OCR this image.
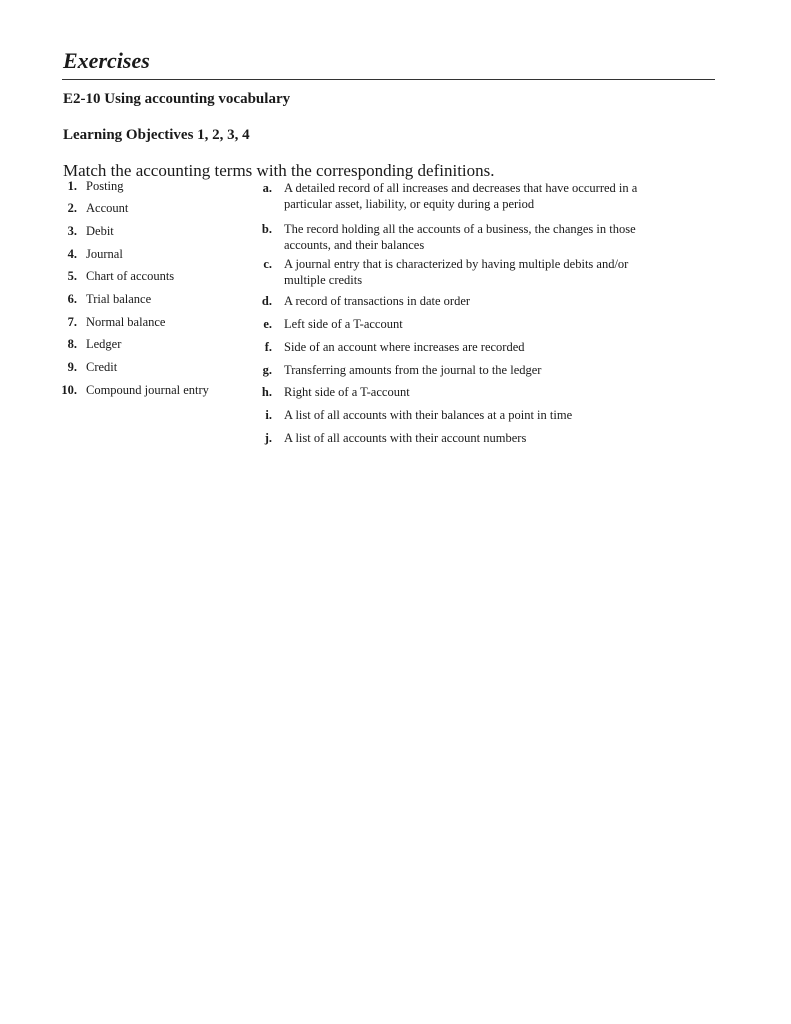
Exercises
E2-10 Using accounting vocabulary
Learning Objectives 1, 2, 3, 4
Match the accounting terms with the corresponding definitions.
1. Posting
2. Account
3. Debit
4. Journal
5. Chart of accounts
6. Trial balance
7. Normal balance
8. Ledger
9. Credit
10. Compound journal entry
a. A detailed record of all increases and decreases that have occurred in a particular asset, liability, or equity during a period
b. The record holding all the accounts of a business, the changes in those accounts, and their balances
c. A journal entry that is characterized by having multiple debits and/or multiple credits
d. A record of transactions in date order
e. Left side of a T-account
f. Side of an account where increases are recorded
g. Transferring amounts from the journal to the ledger
h. Right side of a T-account
i. A list of all accounts with their balances at a point in time
j. A list of all accounts with their account numbers
